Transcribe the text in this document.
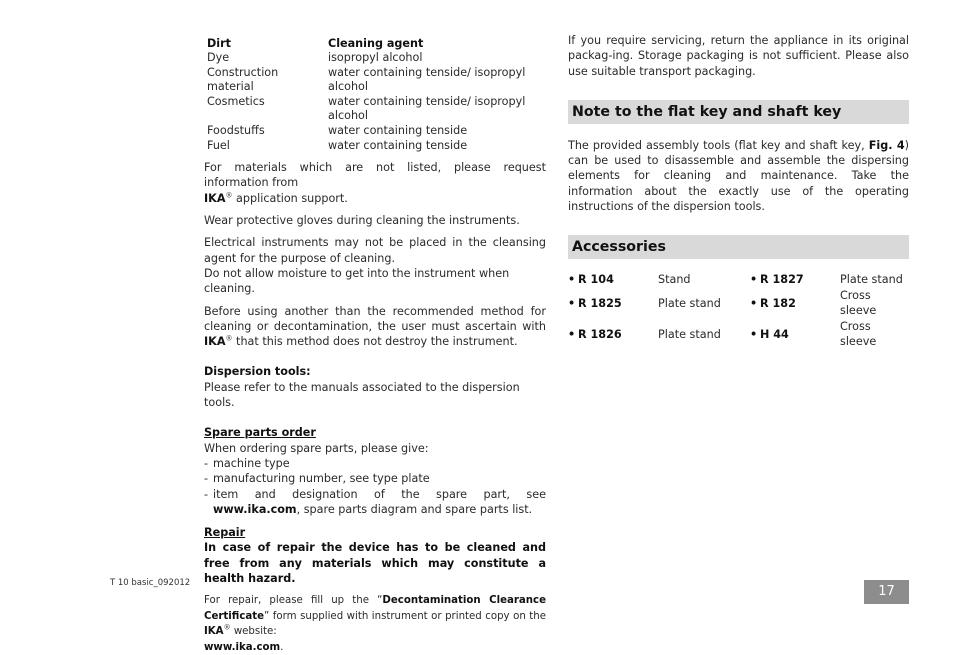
Dirt	Cleaning agent
Dye	isopropyl alcohol
Construction material	water containing tenside/ isopropyl alcohol
Cosmetics	water containing tenside/ isopropyl alcohol
Foodstuffs	water containing tenside
Fuel	water containing tenside

For materials which are not listed, please request information from
IKA® application support.

Wear protective gloves during cleaning the instruments.

Electrical instruments may not be placed in the cleansing agent for the purpose of cleaning.

Do not allow moisture to get into the instrument when cleaning.

Before using another than the recommended method for cleaning or decontamination, the user must ascertain with IKA® that this method does not destroy the instrument.

Dispersion tools:

Please refer to the manuals associated to the dispersion tools.

Spare parts order

When ordering spare parts, please give:

- machine type
- manufacturing number, see type plate
- item and designation of the spare part, see www.ika.com, spare parts diagram and spare parts list.

Repair

In case of repair the device has to be cleaned and free from any materials which may constitute a health hazard.

For repair, please fill up the “Decontamination Clearance Certificate” form supplied with instrument or printed copy on the IKA® website:
www.ika.com.

If you require servicing, return the appliance in its original packag-ing. Storage packaging is not sufficient. Please also use suitable transport packaging.

Note to the flat key and shaft key

The provided assembly tools (flat key and shaft key, Fig. 4) can be used to disassemble and assemble the dispersing elements for cleaning and maintenance. Take the information about the exactly use of the operating instructions of the dispersion tools.

Accessories
• R 104	Stand	• R 1827	Plate stand
• R 1825	Plate stand	• R 182	Cross sleeve
• R 1826	Plate stand	• H 44	Cross sleeve
T 10 basic_092012
17
